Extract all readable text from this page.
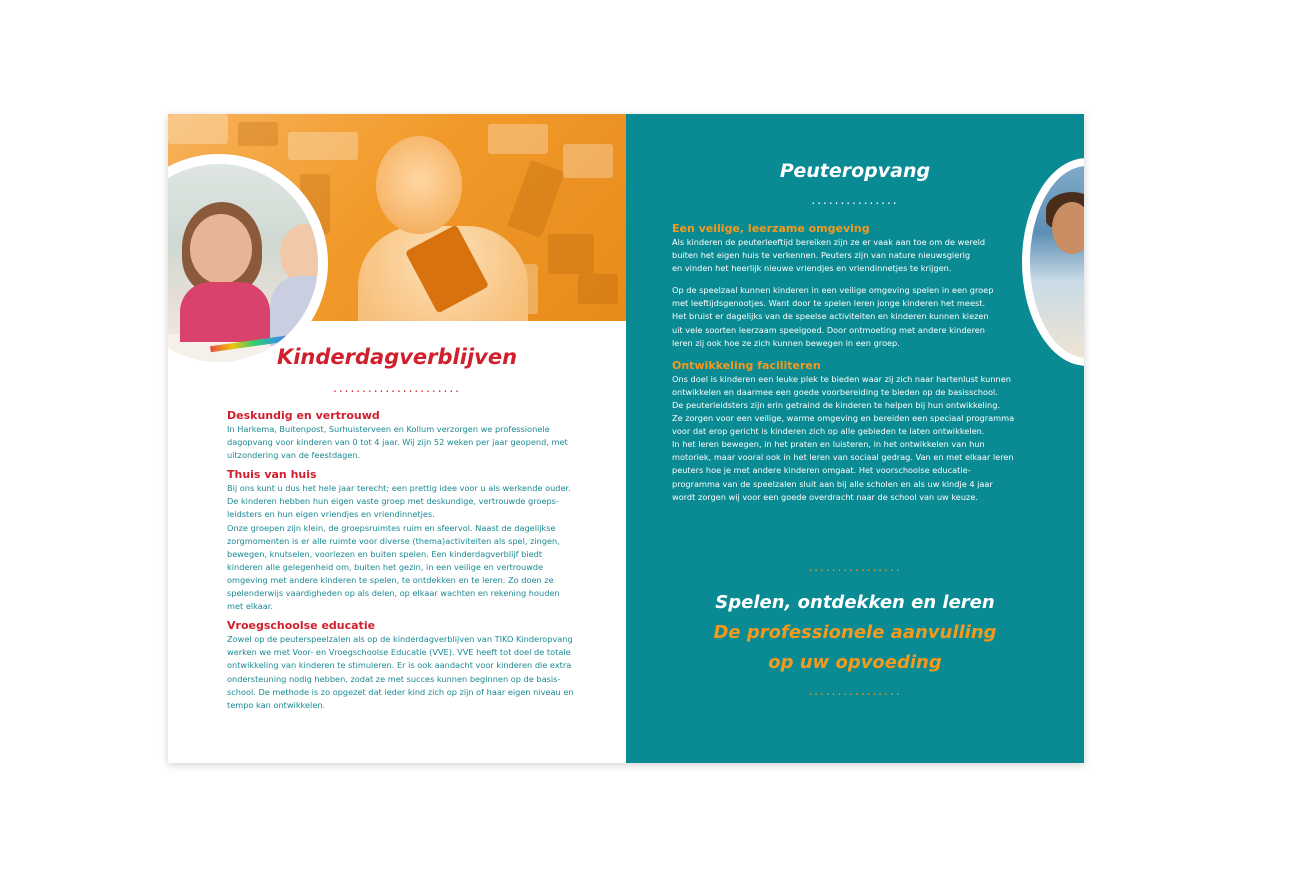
Kinderdagverblijven
......................
Deskundig en vertrouwd

In Harkema, Buitenpost, Surhuisterveen en Kollum verzorgen we professionele

dagopvang voor kinderen van 0 tot 4 jaar. Wij zijn 52 weken per jaar geopend, met

uitzondering van de feestdagen.

Thuis van huis

Bij ons kunt u dus het hele jaar terecht; een prettig idee voor u als werkende ouder.

De kinderen hebben hun eigen vaste groep met deskundige, vertrouwde groeps-

leidsters en hun eigen vriendjes en vriendinnetjes.

Onze groepen zijn klein, de groepsruimtes ruim en sfeervol. Naast de dagelijkse

zorgmomenten is er alle ruimte voor diverse (thema)activiteiten als spel, zingen,

bewegen, knutselen, voorlezen en buiten spelen. Een kinderdagverblijf biedt

kinderen alle gelegenheid om, buiten het gezin, in een veilige en vertrouwde

omgeving met andere kinderen te spelen, te ontdekken en te leren. Zo doen ze

spelenderwijs vaardigheden op als delen, op elkaar wachten en rekening houden

met elkaar.

Vroegschoolse educatie

Zowel op de peuterspeelzalen als op de kinderdagverblijven van TIKO Kinderopvang

werken we met Voor- en Vroegschoolse Educatie (VVE). VVE heeft tot doel de totale

ontwikkeling van kinderen te stimuleren. Er is ook aandacht voor kinderen die extra

ondersteuning nodig hebben, zodat ze met succes kunnen beginnen op de basis-

school. De methode is zo opgezet dat ieder kind zich op zijn of haar eigen niveau en

tempo kan ontwikkelen.

Peuteropvang
...............
Een veilige, leerzame omgeving

Als kinderen de peuterleeftijd bereiken zijn ze er vaak aan toe om de wereld

buiten het eigen huis te verkennen. Peuters zijn van nature nieuwsgierig

en vinden het heerlijk nieuwe vriendjes en vriendinnetjes te krijgen.

Op de speelzaal kunnen kinderen in een veilige omgeving spelen in een groep

met leeftijdsgenootjes. Want door te spelen leren jonge kinderen het meest.

Het bruist er dagelijks van de speelse activiteiten en kinderen kunnen kiezen

uit vele soorten leerzaam speelgoed. Door ontmoeting met andere kinderen

leren zij ook hoe ze zich kunnen bewegen in een groep.

Ontwikkeling faciliteren

Ons doel is kinderen een leuke plek te bieden waar zij zich naar hartenlust kunnen

ontwikkelen en daarmee een goede voorbereiding te bieden op de basisschool.

De peuterleidsters zijn erin getraind de kinderen te helpen bij hun ontwikkeling.

Ze zorgen voor een veilige, warme omgeving en bereiden een speciaal programma

voor dat erop gericht is kinderen zich op alle gebieden te laten ontwikkelen.

In het leren bewegen, in het praten en luisteren, in het ontwikkelen van hun

motoriek, maar vooral ook in het leren van sociaal gedrag. Van en met elkaar leren

peuters hoe je met andere kinderen omgaat. Het voorschoolse educatie-

programma van de speelzalen sluit aan bij alle scholen en als uw kindje 4 jaar

wordt zorgen wij voor een goede overdracht naar de school van uw keuze.

................
Spelen, ontdekken en leren
De professionele aanvulling
op uw opvoeding
................
